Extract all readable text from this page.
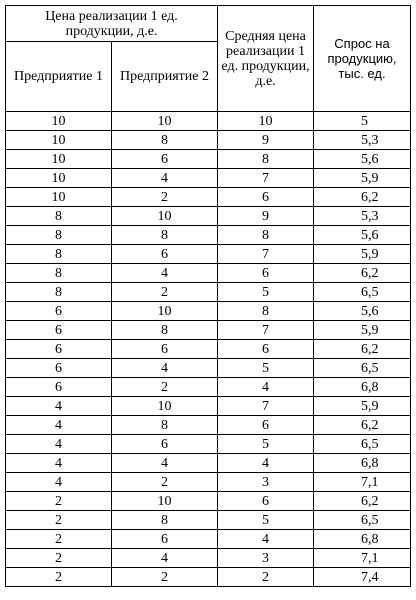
Цена реализации 1 ед. продукции, д.е.		Средняя цена реализации 1 ед. продукции, д.е.	Спрос на продукцию, тыс. ед.
Предприятие 1	Предприятие 2		
10	10	10	5
10	8	9	5,3
10	6	8	5,6
10	4	7	5,9
10	2	6	6,2
8	10	9	5,3
8	8	8	5,6
8	6	7	5,9
8	4	6	6,2
8	2	5	6,5
6	10	8	5,6
6	8	7	5,9
6	6	6	6,2
6	4	5	6,5
6	2	4	6,8
4	10	7	5,9
4	8	6	6,2
4	6	5	6,5
4	4	4	6,8
4	2	3	7,1
2	10	6	6,2
2	8	5	6,5
2	6	4	6,8
2	4	3	7,1
2	2	2	7,4
